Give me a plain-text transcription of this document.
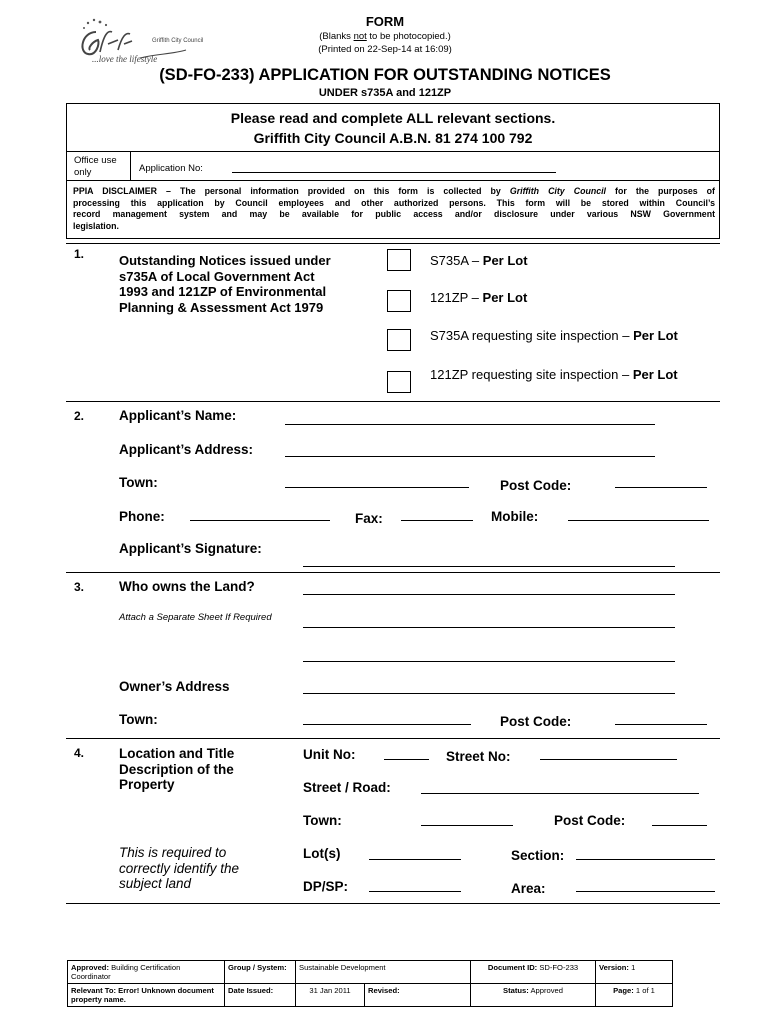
Griffith City Council
...love the lifestyle
FORM
(Blanks not to be photocopied.)
(Printed on 22-Sep-14 at 16:09)
(SD-FO-233) APPLICATION FOR OUTSTANDING NOTICES
UNDER s735A and 121ZP
Please read and complete ALL relevant sections.
Griffith City Council A.B.N. 81 274 100 792
Office use
only	Application No:
PPIA DISCLAIMER – The personal information provided on this form is collected by Griffith City Council for the purposes of
processing this application by Council employees and other authorized persons. This form will be stored within Council’s
record management system and may be available for public access and/or disclosure under various NSW Government
legislation.
1.	Outstanding Notices issued under
s735A of Local Government Act
1993 and 121ZP of Environmental
Planning & Assessment Act 1979
S735A – Per Lot
121ZP – Per Lot
S735A requesting site inspection – Per Lot
121ZP requesting site inspection – Per Lot
2.	Applicant’s Name:
Applicant’s Address:
Town:	Post Code:
Phone:	Fax:	Mobile:
Applicant’s Signature:
3.	Who owns the Land?
Attach a Separate Sheet If Required
Owner’s Address
Town:	Post Code:
4.	Location and Title
Description of the
Property
This is required to
correctly identify the
subject land
Unit No:	Street No:
Street / Road:
Town:	Post Code:
Lot(s)	Section:
DP/SP:	Area:
Approved: Building Certification Coordinator	Group / System:	Sustainable Development		Document ID: SD-FO-233	Version: 1
Relevant To: Error! Unknown document property name.	Date Issued:	31 Jan 2011	Revised:	Status: Approved	Page: 1 of 1
